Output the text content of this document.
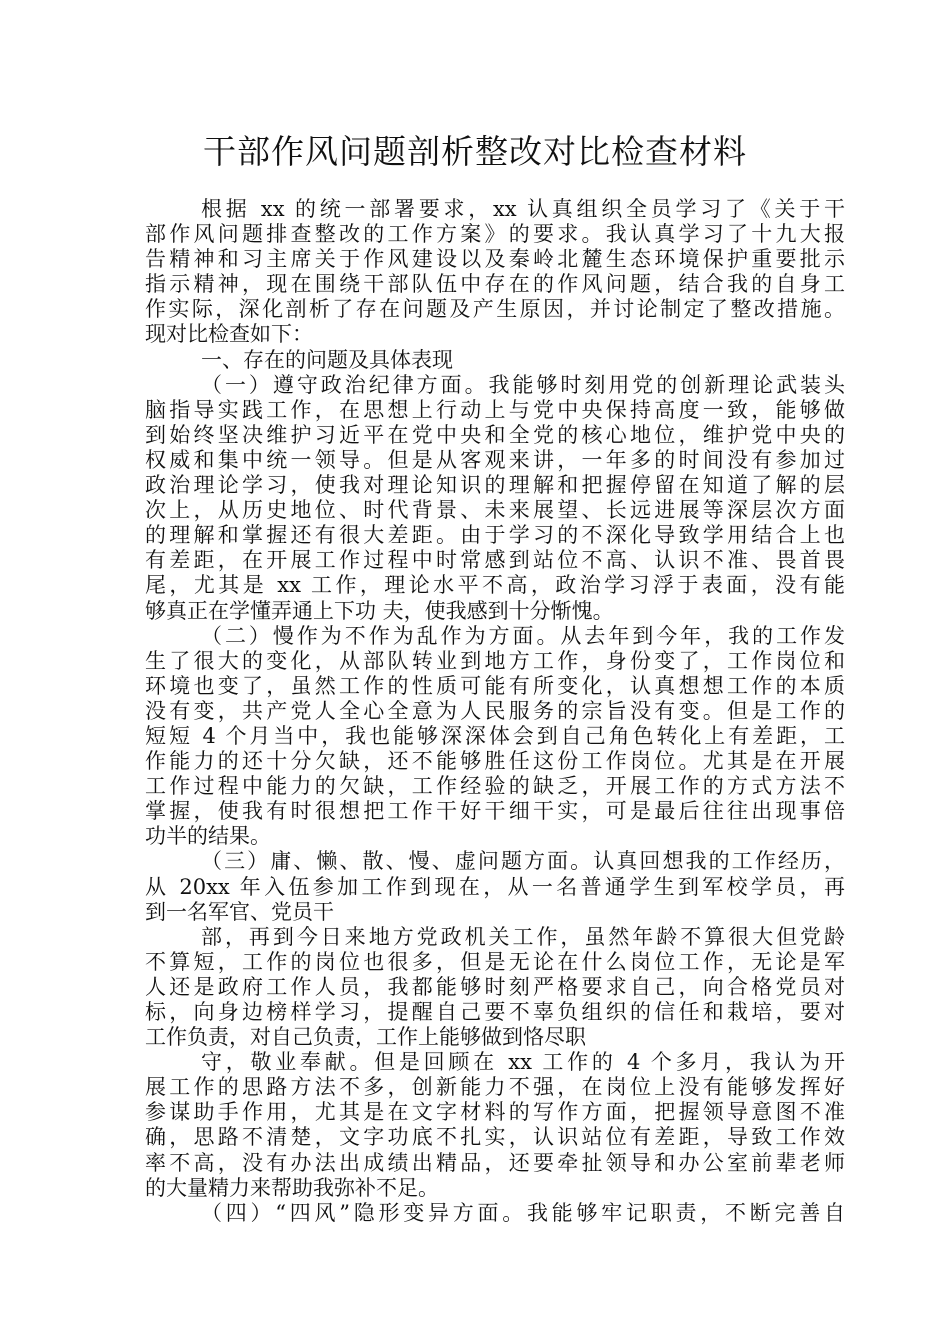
干部作风问题剖析整改对比检查材料
根据 xx 的统一部署要求，xx 认真组织全员学习了《关于干
部作风问题排查整改的工作方案》的要求。我认真学习了十九大报
告精神和习主席关于作风建设以及秦岭北麓生态环境保护重要批示
指示精神，现在围绕干部队伍中存在的作风问题，结合我的自身工
作实际，深化剖析了存在问题及产生原因，并讨论制定了整改措施。
现对比检查如下：
一、存在的问题及具体表现
（一）遵守政治纪律方面。我能够时刻用党的创新理论武装头
脑指导实践工作，在思想上行动上与党中央保持高度一致，能够做
到始终坚决维护习近平在党中央和全党的核心地位，维护党中央的
权威和集中统一领导。但是从客观来讲，一年多的时间没有参加过
政治理论学习，使我对理论知识的理解和把握停留在知道了解的层
次上，从历史地位、时代背景、未来展望、长远进展等深层次方面
的理解和掌握还有很大差距。由于学习的不深化导致学用结合上也
有差距，在开展工作过程中时常感到站位不高、认识不准、畏首畏
尾，尤其是 xx 工作，理论水平不高，政治学习浮于表面，没有能
够真正在学懂弄通上下功 夫，使我感到十分惭愧。
（二）慢作为不作为乱作为方面。从去年到今年，我的工作发
生了很大的变化，从部队转业到地方工作，身份变了，工作岗位和
环境也变了，虽然工作的性质可能有所变化，认真想想工作的本质
没有变，共产党人全心全意为人民服务的宗旨没有变。但是工作的
短短 4 个月当中，我也能够深深体会到自己角色转化上有差距，工
作能力的还十分欠缺，还不能够胜任这份工作岗位。尤其是在开展
工作过程中能力的欠缺，工作经验的缺乏，开展工作的方式方法不
掌握，使我有时很想把工作干好干细干实，可是最后往往出现事倍
功半的结果。
（三）庸、懒、散、慢、虚问题方面。认真回想我的工作经历，
从 20xx 年入伍参加工作到现在，从一名普通学生到军校学员，再
到一名军官、党员干
部，再到今日来地方党政机关工作，虽然年龄不算很大但党龄
不算短，工作的岗位也很多，但是无论在什么岗位工作，无论是军
人还是政府工作人员，我都能够时刻严格要求自己，向合格党员对
标，向身边榜样学习，提醒自己要不辜负组织的信任和栽培，要对
工作负责，对自己负责，工作上能够做到恪尽职
守，敬业奉献。但是回顾在 xx 工作的 4 个多月，我认为开
展工作的思路方法不多，创新能力不强，在岗位上没有能够发挥好
参谋助手作用，尤其是在文字材料的写作方面，把握领导意图不准
确，思路不清楚，文字功底不扎实，认识站位有差距，导致工作效
率不高，没有办法出成绩出精品，还要牵扯领导和办公室前辈老师
的大量精力来帮助我弥补不足。
（四）“四风”隐形变异方面。我能够牢记职责，不断完善自
